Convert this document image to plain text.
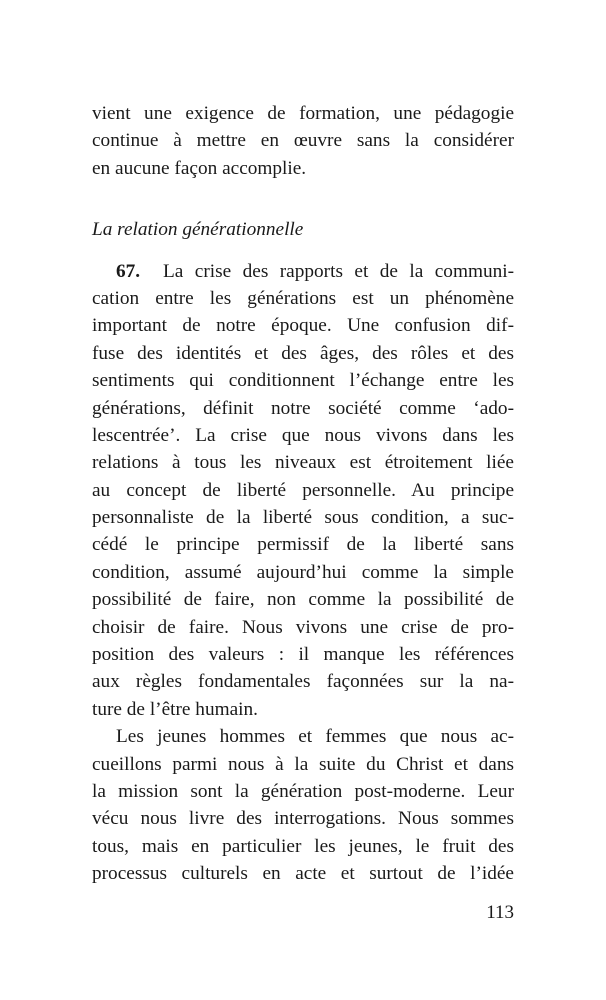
vient une exigence de formation, une pédagogie
continue à mettre en œuvre sans la considérer
en aucune façon accomplie.
La relation générationnelle
67. La crise des rapports et de la communi-
cation entre les générations est un phénomène
important de notre époque. Une confusion dif-
fuse des identités et des âges, des rôles et des
sentiments qui conditionnent l’échange entre les
générations, définit notre société comme ‘ado-
lescentrée’. La crise que nous vivons dans les
relations à tous les niveaux est étroitement liée
au concept de liberté personnelle. Au principe
personnaliste de la liberté sous condition, a suc-
cédé le principe permissif de la liberté sans
condition, assumé aujourd’hui comme la simple
possibilité de faire, non comme la possibilité de
choisir de faire. Nous vivons une crise de pro-
position des valeurs : il manque les références
aux règles fondamentales façonnées sur la na-
ture de l’être humain.
Les jeunes hommes et femmes que nous ac-
cueillons parmi nous à la suite du Christ et dans
la mission sont la génération post-moderne. Leur
vécu nous livre des interrogations. Nous sommes
tous, mais en particulier les jeunes, le fruit des
processus culturels en acte et surtout de l’idée
113
